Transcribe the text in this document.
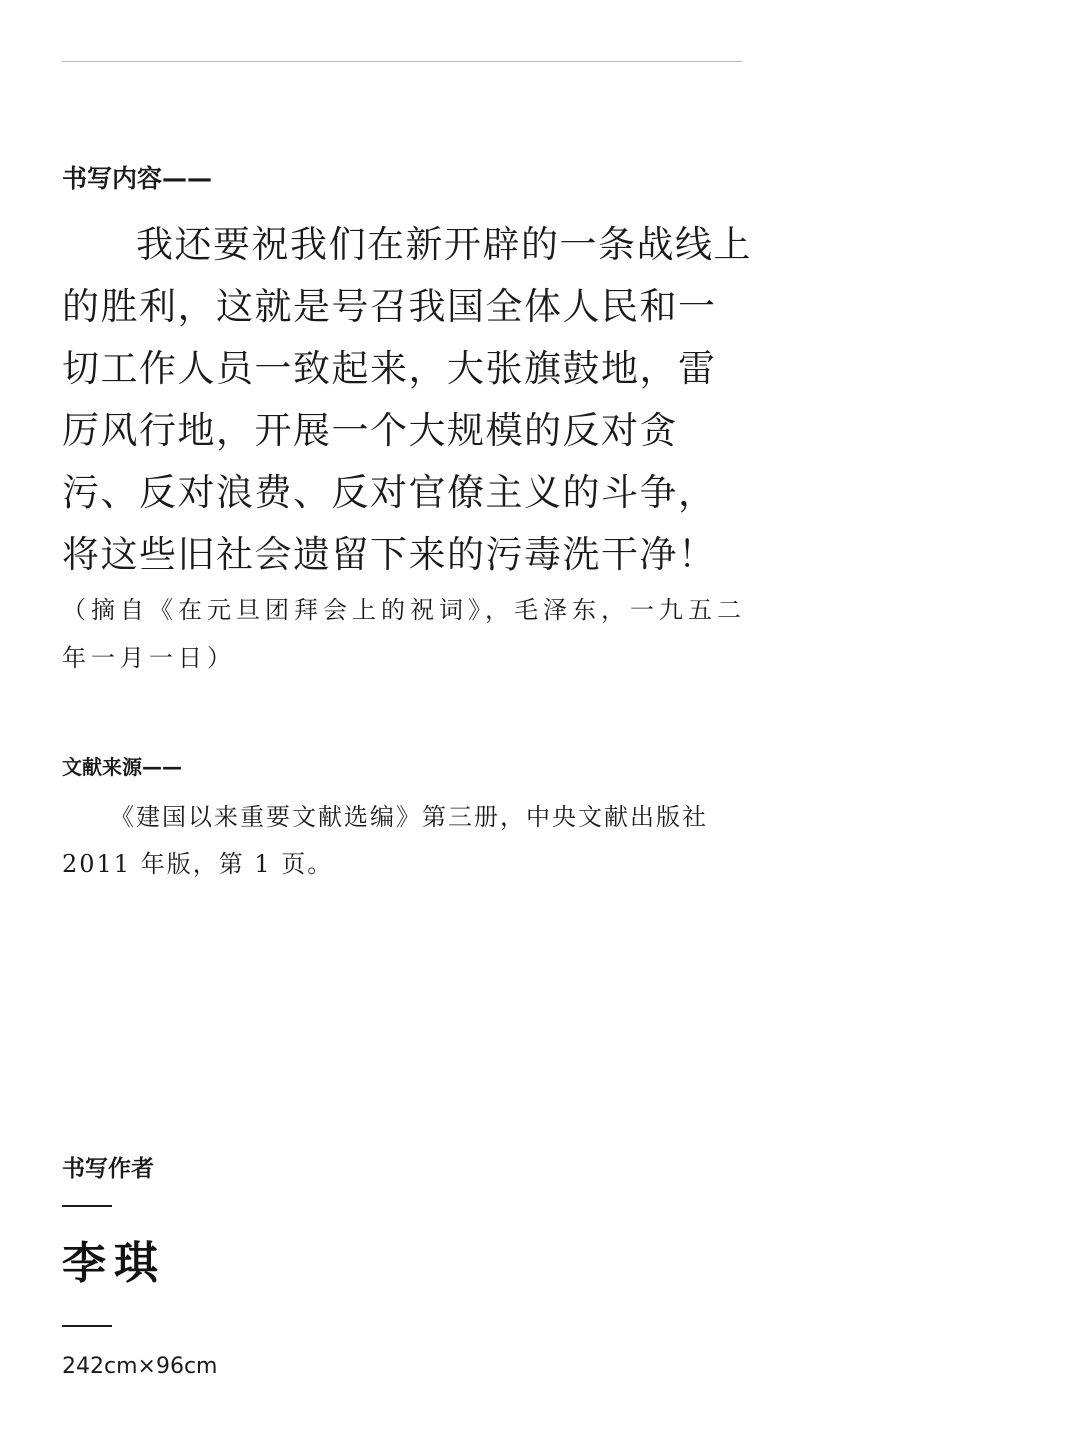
书写内容——

我还要祝我们在新开辟的一条战线上的胜利，这就是号召我国全体人民和一切工作人员一致起来，大张旗鼓地，雷厉风行地，开展一个大规模的反对贪污、反对浪费、反对官僚主义的斗争，将这些旧社会遗留下来的污毒洗干净！

（摘自《在元旦团拜会上的祝词》，毛泽东，一九五二年一月一日）

文献来源——

《建国以来重要文献选编》第三册，中央文献出版社 2011 年版，第 1 页。

书写作者
李琪
242cm×96cm
